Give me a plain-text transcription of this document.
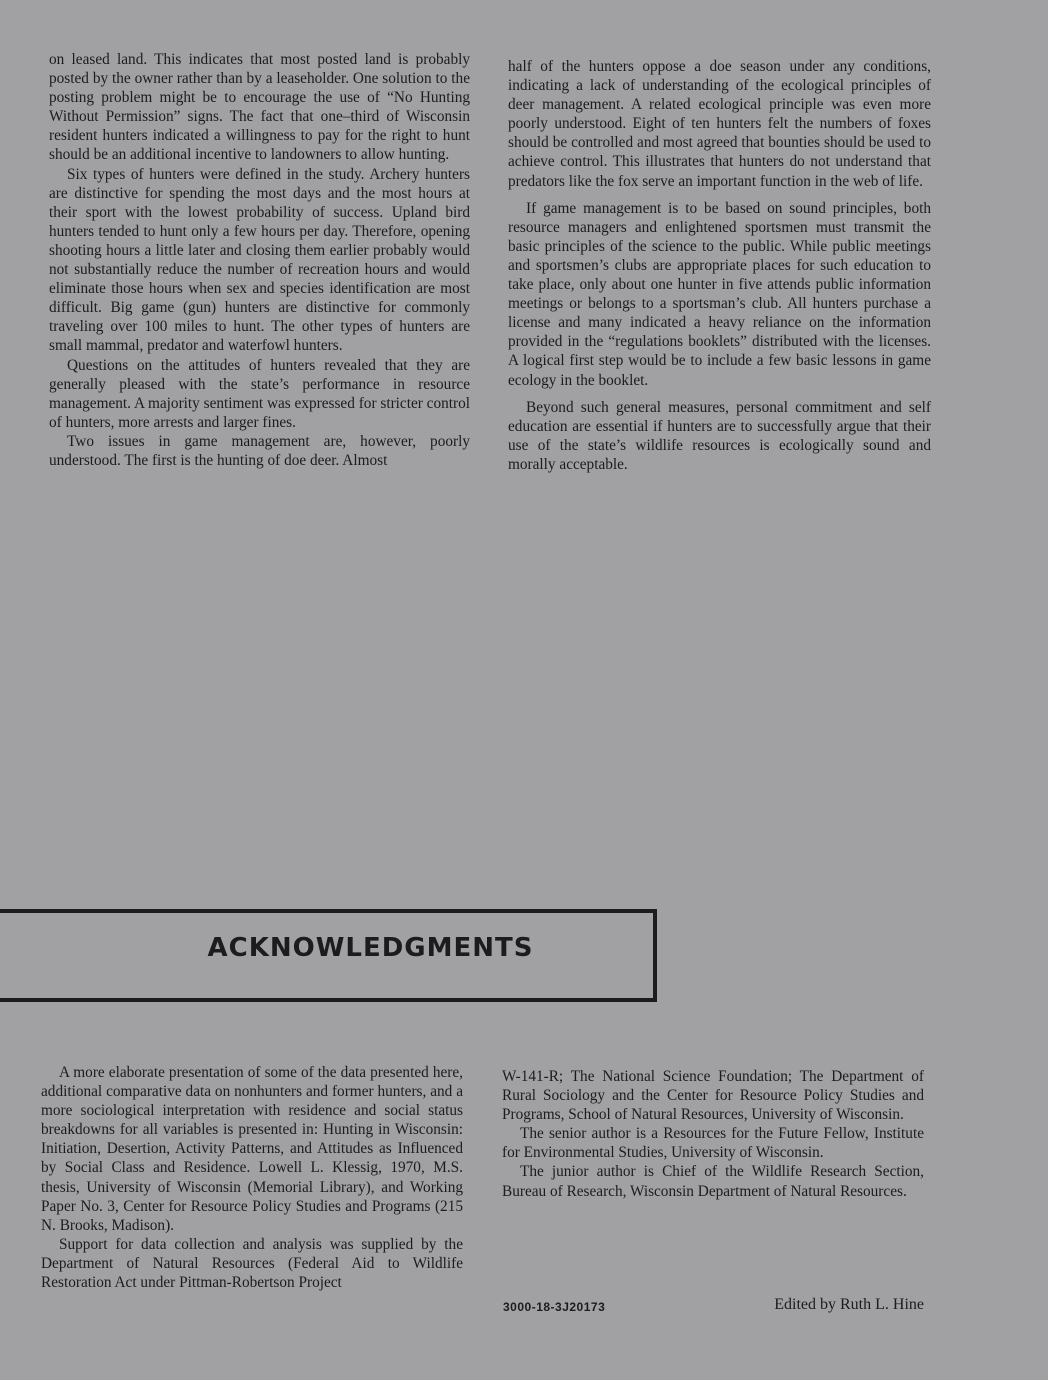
on leased land. This indicates that most posted land is probably posted by the owner rather than by a leaseholder. One solution to the posting problem might be to encourage the use of “No Hunting Without Permission” signs. The fact that one–third of Wisconsin resident hunters indicated a willingness to pay for the right to hunt should be an additional incentive to landowners to allow hunting.

Six types of hunters were defined in the study. Archery hunters are distinctive for spending the most days and the most hours at their sport with the lowest probability of success. Upland bird hunters tended to hunt only a few hours per day. Therefore, opening shooting hours a little later and closing them earlier probably would not substantially reduce the number of recreation hours and would eliminate those hours when sex and species identification are most difficult. Big game (gun) hunters are distinctive for commonly traveling over 100 miles to hunt. The other types of hunters are small mammal, predator and waterfowl hunters.

Questions on the attitudes of hunters revealed that they are generally pleased with the state’s performance in resource management. A majority sentiment was expressed for stricter control of hunters, more arrests and larger fines.

Two issues in game management are, however, poorly understood. The first is the hunting of doe deer. Almost

half of the hunters oppose a doe season under any conditions, indicating a lack of understanding of the ecological principles of deer management. A related ecological principle was even more poorly understood. Eight of ten hunters felt the numbers of foxes should be controlled and most agreed that bounties should be used to achieve control. This illustrates that hunters do not understand that predators like the fox serve an important function in the web of life.

If game management is to be based on sound principles, both resource managers and enlightened sportsmen must transmit the basic principles of the science to the public. While public meetings and sportsmen’s clubs are appropriate places for such education to take place, only about one hunter in five attends public information meetings or belongs to a sportsman’s club. All hunters purchase a license and many indicated a heavy reliance on the information provided in the “regulations booklets” distributed with the licenses. A logical first step would be to include a few basic lessons in game ecology in the booklet.

Beyond such general measures, personal commitment and self education are essential if hunters are to successfully argue that their use of the state’s wildlife resources is ecologically sound and morally acceptable.

ACKNOWLEDGMENTS

A more elaborate presentation of some of the data presented here, additional comparative data on nonhunters and former hunters, and a more sociological interpretation with residence and social status breakdowns for all variables is presented in: Hunting in Wisconsin: Initiation, Desertion, Activity Patterns, and Attitudes as Influenced by Social Class and Residence. Lowell L. Klessig, 1970, M.S. thesis, University of Wisconsin (Memorial Library), and Working Paper No. 3, Center for Resource Policy Studies and Programs (215 N. Brooks, Madison).

Support for data collection and analysis was supplied by the Department of Natural Resources (Federal Aid to Wildlife Restoration Act under Pittman-Robertson Project

W-141-R; The National Science Foundation; The Department of Rural Sociology and the Center for Resource Policy Studies and Programs, School of Natural Resources, University of Wisconsin.

The senior author is a Resources for the Future Fellow, Institute for Environmental Studies, University of Wisconsin.

The junior author is Chief of the Wildlife Research Section, Bureau of Research, Wisconsin Department of Natural Resources.

3000-18-3J20173	Edited by Ruth L. Hine
